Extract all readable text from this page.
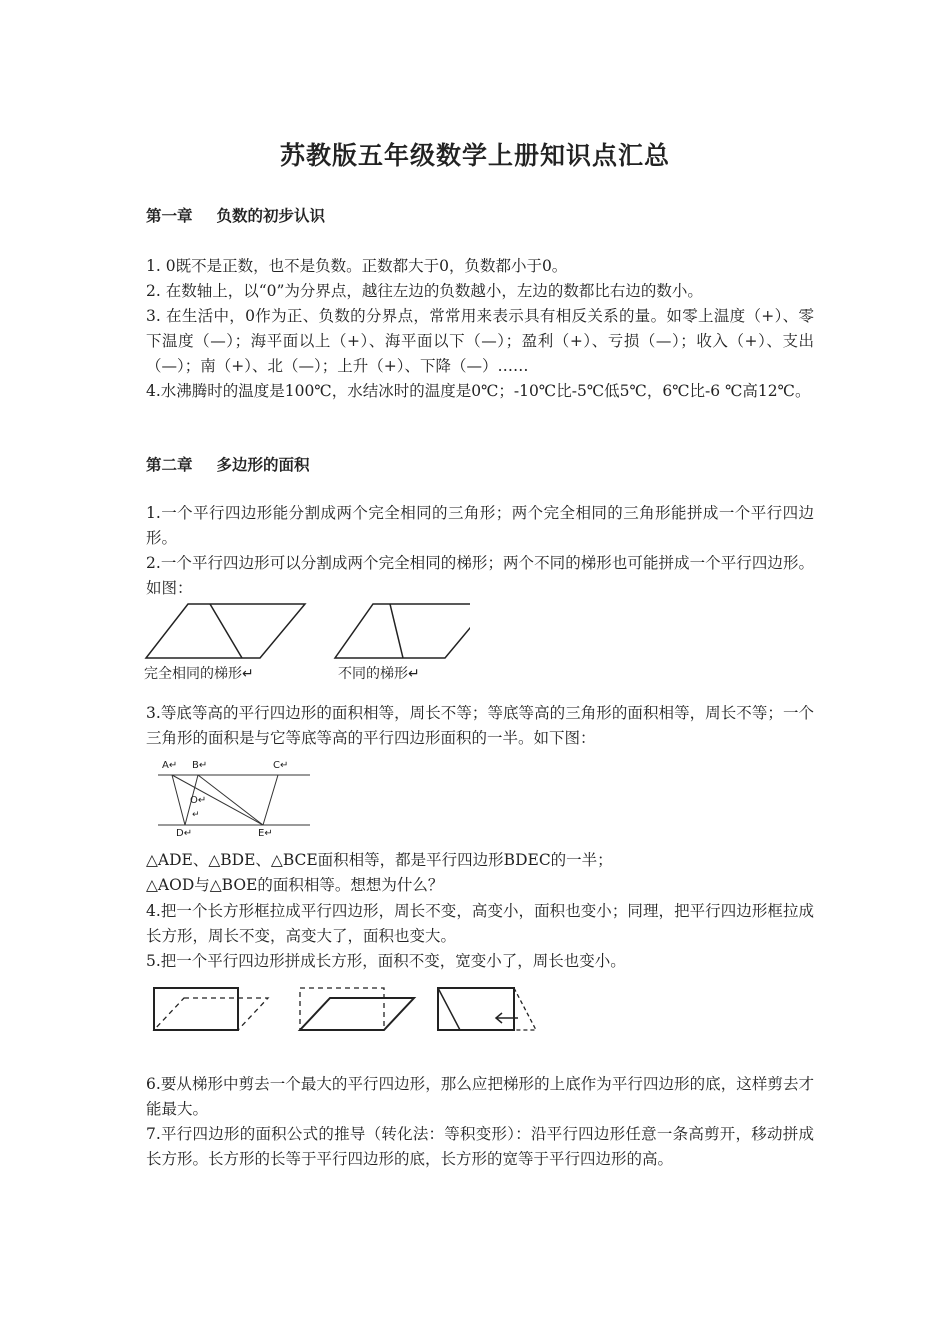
苏教版五年级数学上册知识点汇总
第一章 负数的初步认识
1. 0既不是正数，也不是负数。正数都大于0，负数都小于0。
2. 在数轴上，以“0”为分界点，越往左边的负数越小，左边的数都比右边的数小。
3. 在生活中，0作为正、负数的分界点，常常用来表示具有相反关系的量。如零上温度（+）、零下温度（—）；海平面以上（+）、海平面以下（—）；盈利（+）、亏损（—）；收入（+）、支出（—）；南（+）、北（—）；上升（+）、下降（—）……
4.水沸腾时的温度是100℃，水结冰时的温度是0℃；-10℃比-5℃低5℃，6℃比-6 ℃高12℃。
第二章 多边形的面积
1.一个平行四边形能分割成两个完全相同的三角形；两个完全相同的三角形能拼成一个平行四边形。
2.一个平行四边形可以分割成两个完全相同的梯形；两个不同的梯形也可能拼成一个平行四边形。如图：
完全相同的梯形↵	不同的梯形↵
3.等底等高的平行四边形的面积相等，周长不等；等底等高的三角形的面积相等，周长不等；一个三角形的面积是与它等底等高的平行四边形面积的一半。如下图：
A↵ B↵	C↵
O↵
↵
D↵	E↵
△ADE、△BDE、△BCE面积相等，都是平行四边形BDEC的一半；
△AOD与△BOE的面积相等。想想为什么？
4.把一个长方形框拉成平行四边形，周长不变，高变小，面积也变小；同理，把平行四边形框拉成长方形，周长不变，高变大了，面积也变大。
5.把一个平行四边形拼成长方形，面积不变，宽变小了，周长也变小。
6.要从梯形中剪去一个最大的平行四边形，那么应把梯形的上底作为平行四边形的底，这样剪去才能最大。
7.平行四边形的面积公式的推导（转化法：等积变形）：沿平行四边形任意一条高剪开，移动拼成长方形。长方形的长等于平行四边形的底，长方形的宽等于平行四边形的高。
